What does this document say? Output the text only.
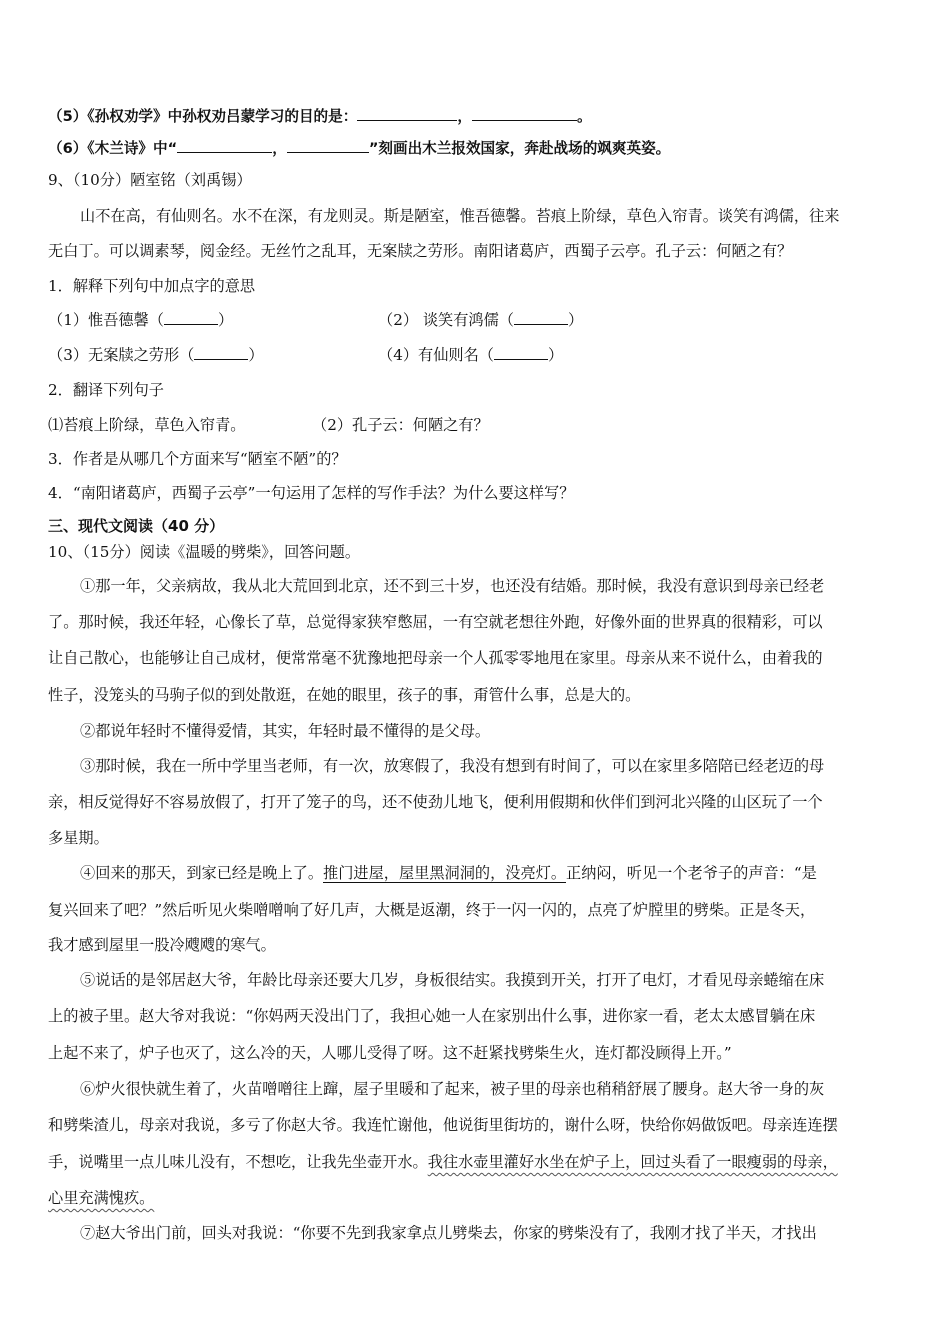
（5）《孙权劝学》中孙权劝吕蒙学习的目的是：	，	。
（6）《木兰诗》中“	，	”刻画出木兰报效国家，奔赴战场的飒爽英姿。
9、（10分）陋室铭（刘禹锡）
山不在高，有仙则名。水不在深，有龙则灵。斯是陋室，惟吾德馨。苔痕上阶绿，草色入帘青。谈笑有鸿儒，往来
无白丁。可以调素琴，阅金经。无丝竹之乱耳，无案牍之劳形。南阳诸葛庐，西蜀子云亭。孔子云：何陋之有？
1．解释下列句中加点字的意思
（1）惟吾德馨（	）	（2） 谈笑有鸿儒（	）
（3）无案牍之劳形（	）	（4）有仙则名（	）
2．翻译下列句子
⑴苔痕上阶绿，草色入帘青。	（2）孔子云：何陋之有？
3．作者是从哪几个方面来写“陋室不陋”的？
4．“南阳诸葛庐，西蜀子云亭”一句运用了怎样的写作手法？为什么要这样写？
三、现代文阅读（40 分）
10、（15分）阅读《温暖的劈柴》，回答问题。
①那一年，父亲病故，我从北大荒回到北京，还不到三十岁，也还没有结婚。那时候，我没有意识到母亲已经老
了。那时候，我还年轻，心像长了草，总觉得家狭窄憋屈，一有空就老想往外跑，好像外面的世界真的很精彩，可以
让自己散心，也能够让自己成材，便常常毫不犹豫地把母亲一个人孤零零地甩在家里。母亲从来不说什么，由着我的
性子，没笼头的马驹子似的到处散逛，在她的眼里，孩子的事，甭管什么事，总是大的。
②都说年轻时不懂得爱情，其实，年轻时最不懂得的是父母。
③那时候，我在一所中学里当老师，有一次，放寒假了，我没有想到有时间了，可以在家里多陪陪已经老迈的母
亲，相反觉得好不容易放假了，打开了笼子的鸟，还不使劲儿地飞，便利用假期和伙伴们到河北兴隆的山区玩了一个
多星期。
④回来的那天，到家已经是晚上了。推门进屋，屋里黑洞洞的，没亮灯。正纳闷，听见一个老爷子的声音：“是
复兴回来了吧？”然后听见火柴噌噌响了好几声，大概是返潮，终于一闪一闪的，点亮了炉膛里的劈柴。正是冬天，
我才感到屋里一股冷飕飕的寒气。
⑤说话的是邻居赵大爷，年龄比母亲还要大几岁，身板很结实。我摸到开关，打开了电灯，才看见母亲蜷缩在床
上的被子里。赵大爷对我说：“你妈两天没出门了，我担心她一人在家别出什么事，进你家一看，老太太感冒躺在床
上起不来了，炉子也灭了，这么冷的天，人哪儿受得了呀。这不赶紧找劈柴生火，连灯都没顾得上开。”
⑥炉火很快就生着了，火苗噌噌往上蹿，屋子里暖和了起来，被子里的母亲也稍稍舒展了腰身。赵大爷一身的灰
和劈柴渣儿，母亲对我说，多亏了你赵大爷。我连忙谢他，他说街里街坊的，谢什么呀，快给你妈做饭吧。母亲连连摆
手，说嘴里一点儿味儿没有，不想吃，让我先坐壶开水。我往水壶里灌好水坐在炉子上，回过头看了一眼瘦弱的母亲，
心里充满愧疚。
⑦赵大爷出门前，回头对我说：“你要不先到我家拿点儿劈柴去，你家的劈柴没有了，我刚才找了半天，才找出
